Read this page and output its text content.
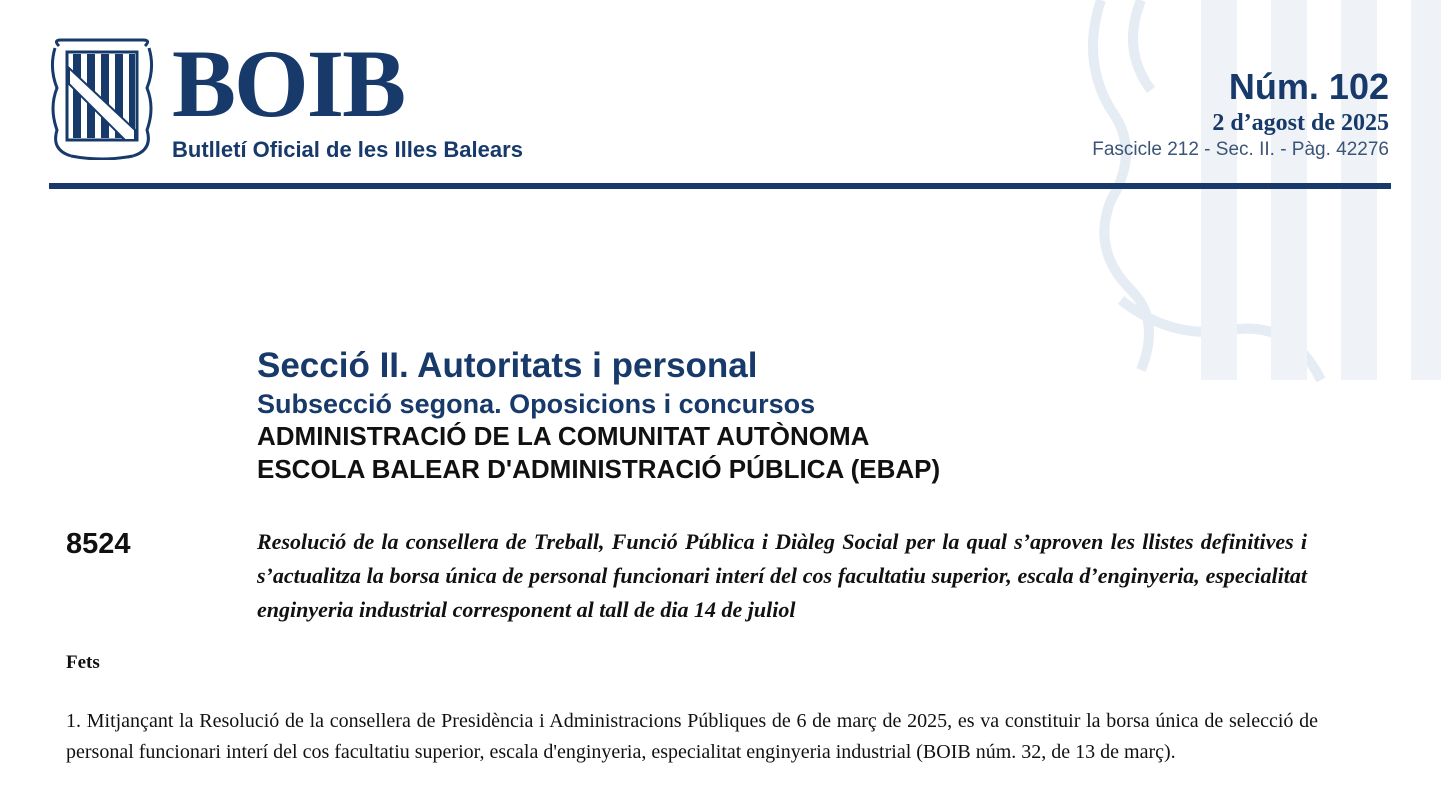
BOIB
Butlletí Oficial de les Illes Balears
Núm. 102
2 d’agost de 2025
Fascicle 212 - Sec. II. - Pàg. 42276
Secció II. Autoritats i personal
Subsecció segona. Oposicions i concursos

ADMINISTRACIÓ DE LA COMUNITAT AUTÒNOMA

ESCOLA BALEAR D'ADMINISTRACIÓ PÚBLICA (EBAP)

8524	Resolució de la consellera de Treball, Funció Pública i Diàleg Social per la qual s’aproven les llistes definitives i s’actualitza la borsa única de personal funcionari interí del cos facultatiu superior, escala d’enginyeria, especialitat enginyeria industrial corresponent al tall de dia 14 de juliol

Fets

1. Mitjançant la Resolució de la consellera de Presidència i Administracions Públiques de 6 de març de 2025, es va constituir la borsa única de selecció de personal funcionari interí del cos facultatiu superior, escala d'enginyeria, especialitat enginyeria industrial (BOIB núm. 32, de 13 de març).
